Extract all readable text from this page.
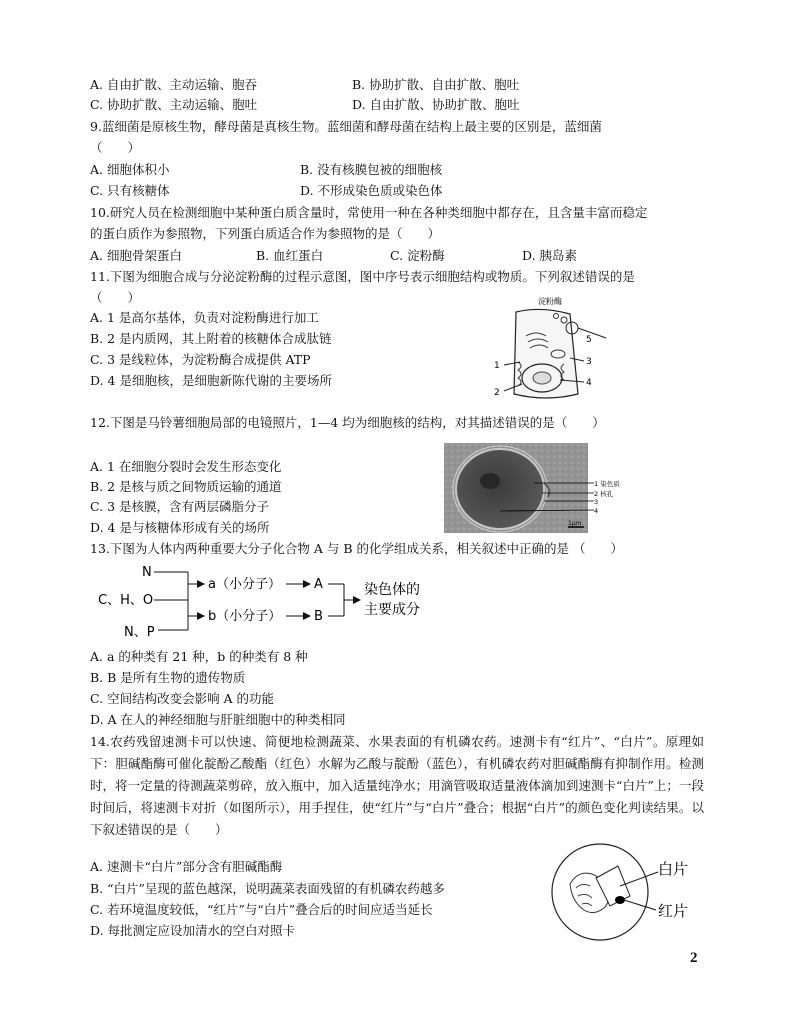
A. 自由扩散、主动运输、胞吞	B. 协助扩散、自由扩散、胞吐
C. 协助扩散、主动运输、胞吐	D. 自由扩散、协助扩散、胞吐
9.蓝细菌是原核生物，酵母菌是真核生物。蓝细菌和酵母菌在结构上最主要的区别是，蓝细菌
（　　）
A. 细胞体积小	B. 没有核膜包被的细胞核
C. 只有核糖体	D. 不形成染色质或染色体
10.研究人员在检测细胞中某种蛋白质含量时，常使用一种在各种类细胞中都存在，且含量丰富而稳定
的蛋白质作为参照物，下列蛋白质适合作为参照物的是（　　）
A. 细胞骨架蛋白	B. 血红蛋白	C. 淀粉酶	D. 胰岛素
11.下图为细胞合成与分泌淀粉酶的过程示意图，图中序号表示细胞结构或物质。下列叙述错误的是
（　　）
A. 1 是高尔基体，负责对淀粉酶进行加工
B. 2 是内质网，其上附着的核糖体合成肽链
C. 3 是线粒体，为淀粉酶合成提供 ATP
D. 4 是细胞核，是细胞新陈代谢的主要场所
淀粉酶
1
2
3
4
5
12.下图是马铃薯细胞局部的电镜照片，1—4 均为细胞核的结构，对其描述错误的是（　　）
A. 1 在细胞分裂时会发生形态变化
B. 2 是核与质之间物质运输的通道
C. 3 是核膜，含有两层磷脂分子
D. 4 是与核糖体形成有关的场所
1 染色质
2 核孔
3
4
1μm
13.下图为人体内两种重要大分子化合物 A 与 B 的化学组成关系，相关叙述中正确的是 （　　）
N
C、H、O
N、P
a（小分子）
b（小分子）
A
B
染色体的
主要成分
A. a 的种类有 21 种，b 的种类有 8 种
B. B 是所有生物的遗传物质
C. 空间结构改变会影响 A 的功能
D. A 在人的神经细胞与肝脏细胞中的种类相同
14.农药残留速测卡可以快速、简便地检测蔬菜、水果表面的有机磷农药。速测卡有“红片”、“白片”。原理如下：胆碱酯酶可催化靛酚乙酸酯（红色）水解为乙酸与靛酚（蓝色），有机磷农药对胆碱酯酶有抑制作用。检测时，将一定量的待测蔬菜剪碎，放入瓶中，加入适量纯净水；用滴管吸取适量液体滴加到速测卡“白片”上；一段时间后，将速测卡对折（如图所示），用手捏住，使“红片”与“白片”叠合；根据“白片”的颜色变化判读结果。以下叙述错误的是（　　）
A. 速测卡“白片”部分含有胆碱酯酶
B. “白片”呈现的蓝色越深，说明蔬菜表面残留的有机磷农药越多
C. 若环境温度较低，“红片”与“白片”叠合后的时间应适当延长
D. 每批测定应设加清水的空白对照卡
白片
红片
2
